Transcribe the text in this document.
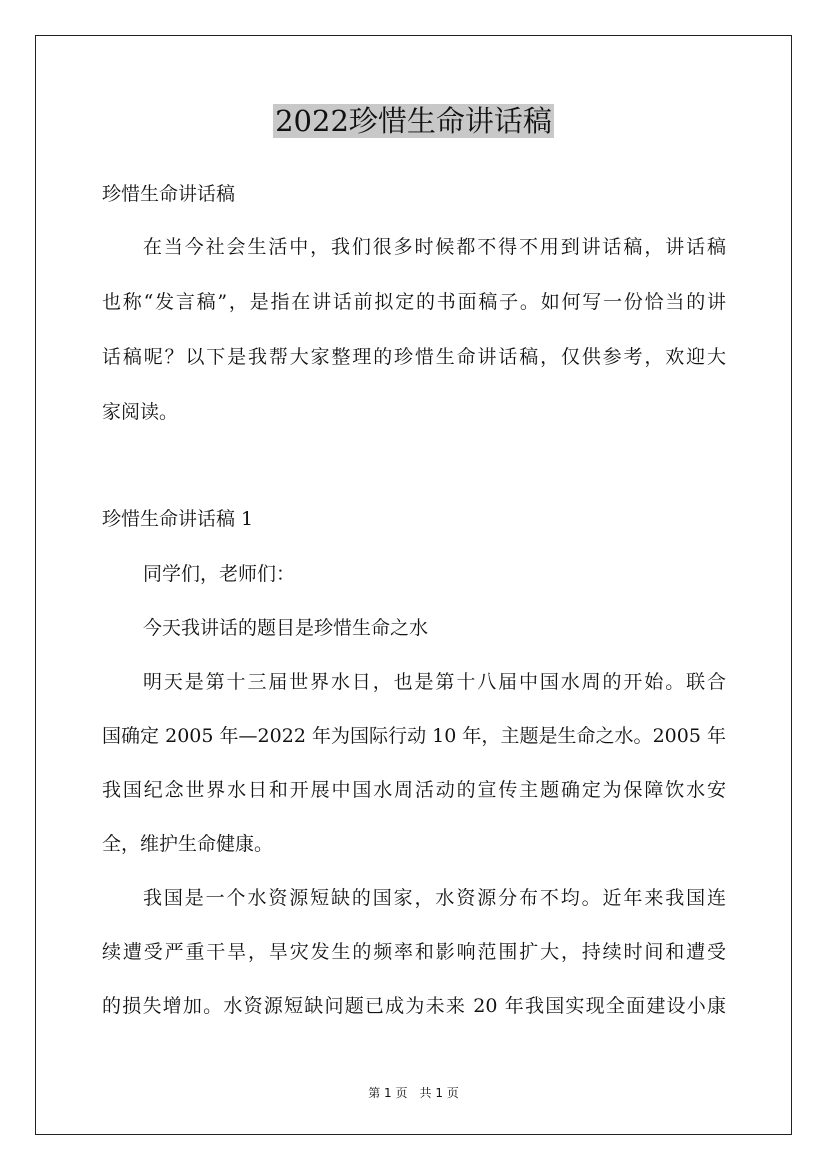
2022珍惜生命讲话稿
珍惜生命讲话稿
在当今社会生活中，我们很多时候都不得不用到讲话稿，讲话稿
也称“发言稿”，是指在讲话前拟定的书面稿子。如何写一份恰当的讲
话稿呢？以下是我帮大家整理的珍惜生命讲话稿，仅供参考，欢迎大
家阅读。
珍惜生命讲话稿 1
同学们，老师们：
今天我讲话的题目是珍惜生命之水
明天是第十三届世界水日，也是第十八届中国水周的开始。联合
国确定 2005 年—2022 年为国际行动 10 年，主题是生命之水。2005 年
我国纪念世界水日和开展中国水周活动的宣传主题确定为保障饮水安
全，维护生命健康。
我国是一个水资源短缺的国家，水资源分布不均。近年来我国连
续遭受严重干旱，旱灾发生的频率和影响范围扩大，持续时间和遭受
的损失增加。水资源短缺问题已成为未来 20 年我国实现全面建设小康
第 1 页　共 1 页
